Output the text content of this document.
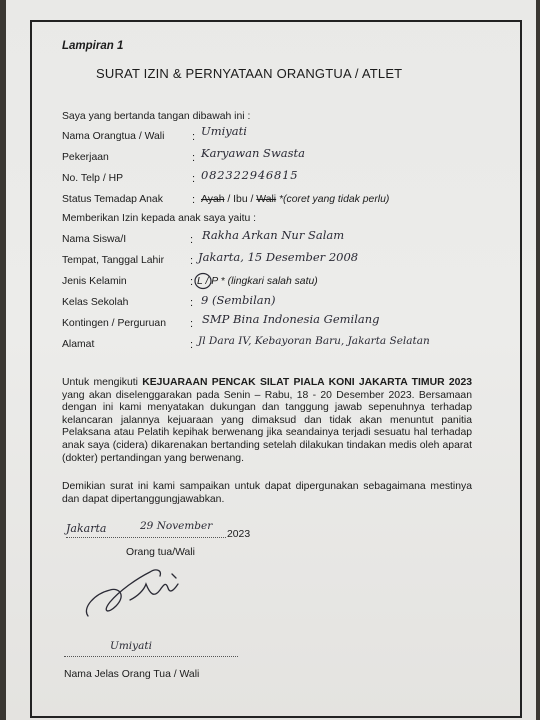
Lampiran 1
SURAT IZIN & PERNYATAAN ORANGTUA / ATLET
Saya yang bertanda tangan dibawah ini :
Nama Orangtua / Wali	: Umiyati
Pekerjaan	: Karyawan Swasta
No. Telp / HP	: 082322946815
Status Temadap Anak	: Ayah / Ibu / Wali *(coret yang tidak perlu)
Memberikan Izin kepada anak saya yaitu :
Nama Siswa/I	: Rakha Arkan Nur Salam
Tempat, Tanggal Lahir : Jakarta, 15 Desember 2008
Jenis Kelamin	: L / P * (lingkari salah satu)
Kelas Sekolah	: 9 (Sembilan)
Kontingen / Perguruan : SMP Bina Indonesia Gemilang
Alamat	: Jl Dara IV, Kebayoran Baru, Jakarta Selatan
Untuk mengikuti KEJUARAAN PENCAK SILAT PIALA KONI JAKARTA TIMUR 2023 yang akan diselenggarakan pada Senin – Rabu, 18 - 20 Desember 2023. Bersamaan dengan ini kami menyatakan dukungan dan tanggung jawab sepenuhnya terhadap kelancaran jalannya kejuaraan yang dimaksud dan tidak akan menuntut panitia Pelaksana atau Pelatih kepihak berwenang jika seandainya terjadi sesuatu hal terhadap anak saya (cidera) dikarenakan bertanding setelah dilakukan tindakan medis oleh aparat (dokter) pertandingan yang berwenang.
Demikian surat ini kami sampaikan untuk dapat dipergunakan sebagaimana mestinya dan dapat dipertanggungjawabkan.
Jakarta	29 November
2023
Orang tua/Wali
Umiyati
Nama Jelas Orang Tua / Wali
